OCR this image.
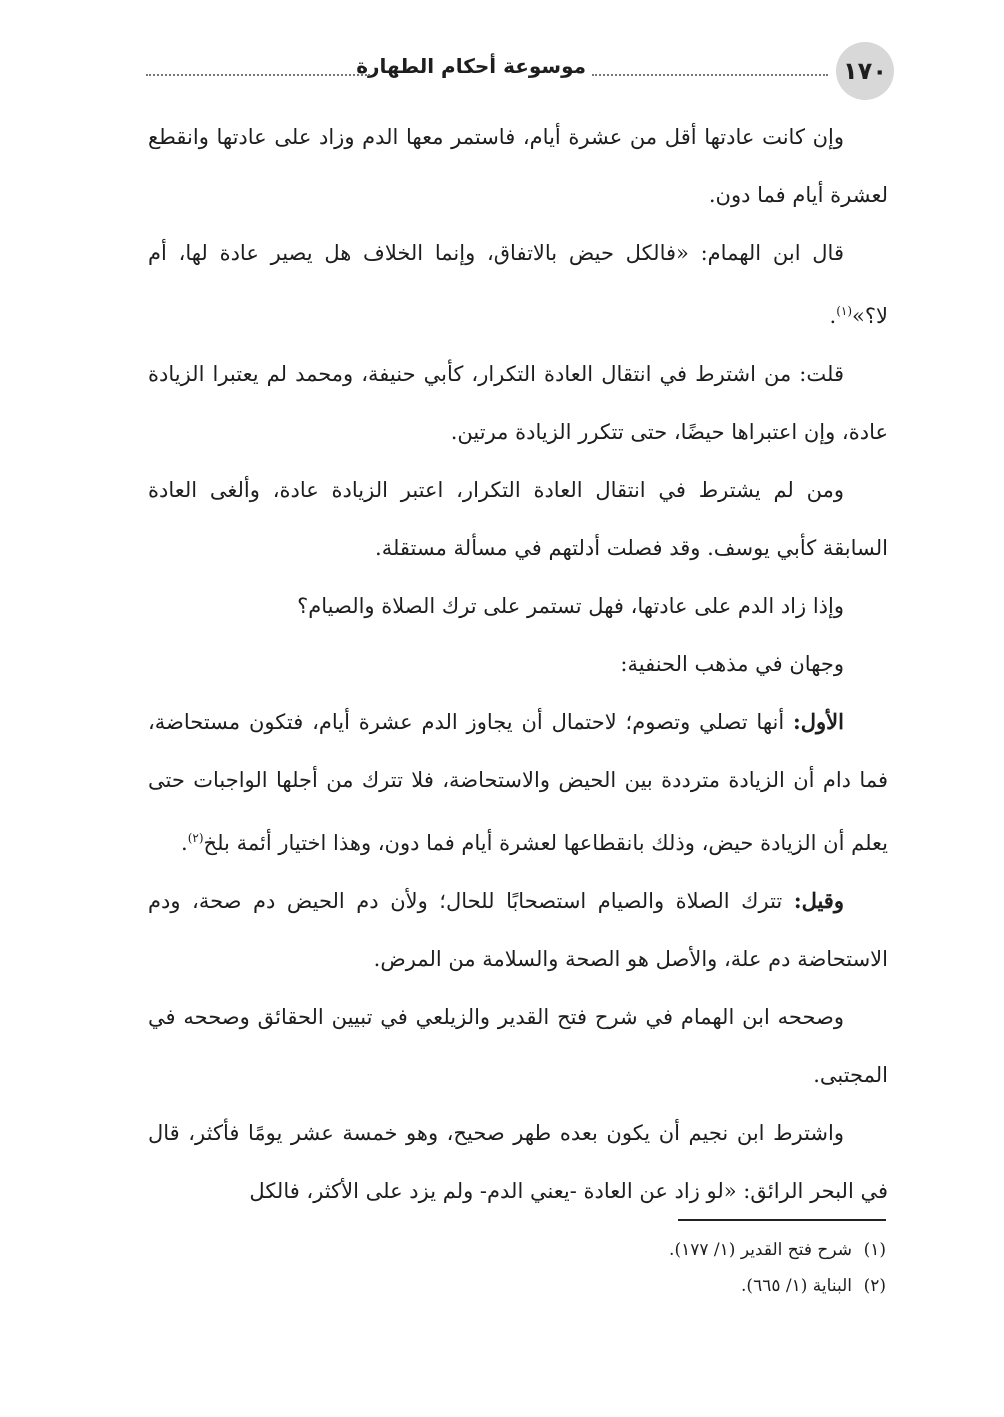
١٧٠
موسوعة أحكام الطهارة

وإن كانت عادتها أقل من عشرة أيام، فاستمر معها الدم وزاد على عادتها وانقطع لعشرة أيام فما دون.

قال ابن الهمام: «فالكل حيض بالاتفاق، وإنما الخلاف هل يصير عادة لها، أم لا؟»$^{(١)}$.

قلت: من اشترط في انتقال العادة التكرار، كأبي حنيفة، ومحمد لم يعتبرا الزيادة عادة، وإن اعتبراها حيضًا، حتى تتكرر الزيادة مرتين.

ومن لم يشترط في انتقال العادة التكرار، اعتبر الزيادة عادة، وألغى العادة السابقة كأبي يوسف. وقد فصلت أدلتهم في مسألة مستقلة.

وإذا زاد الدم على عادتها، فهل تستمر على ترك الصلاة والصيام؟

وجهان في مذهب الحنفية:

الأول: أنها تصلي وتصوم؛ لاحتمال أن يجاوز الدم عشرة أيام، فتكون مستحاضة، فما دام أن الزيادة مترددة بين الحيض والاستحاضة، فلا تترك من أجلها الواجبات حتى يعلم أن الزيادة حيض، وذلك بانقطاعها لعشرة أيام فما دون، وهذا اختيار أئمة بلخ$^{(٢)}$.

وقيل: تترك الصلاة والصيام استصحابًا للحال؛ ولأن دم الحيض دم صحة، ودم الاستحاضة دم علة، والأصل هو الصحة والسلامة من المرض.

وصححه ابن الهمام في شرح فتح القدير والزيلعي في تبيين الحقائق وصححه في المجتبى.

واشترط ابن نجيم أن يكون بعده طهر صحيح، وهو خمسة عشر يومًا فأكثر، قال في البحر الرائق: «لو زاد عن العادة -يعني الدم- ولم يزد على الأكثر، فالكل

(١)شرح فتح القدير (١/ ١٧٧).
(٢)البناية (١/ ٦٦٥).
